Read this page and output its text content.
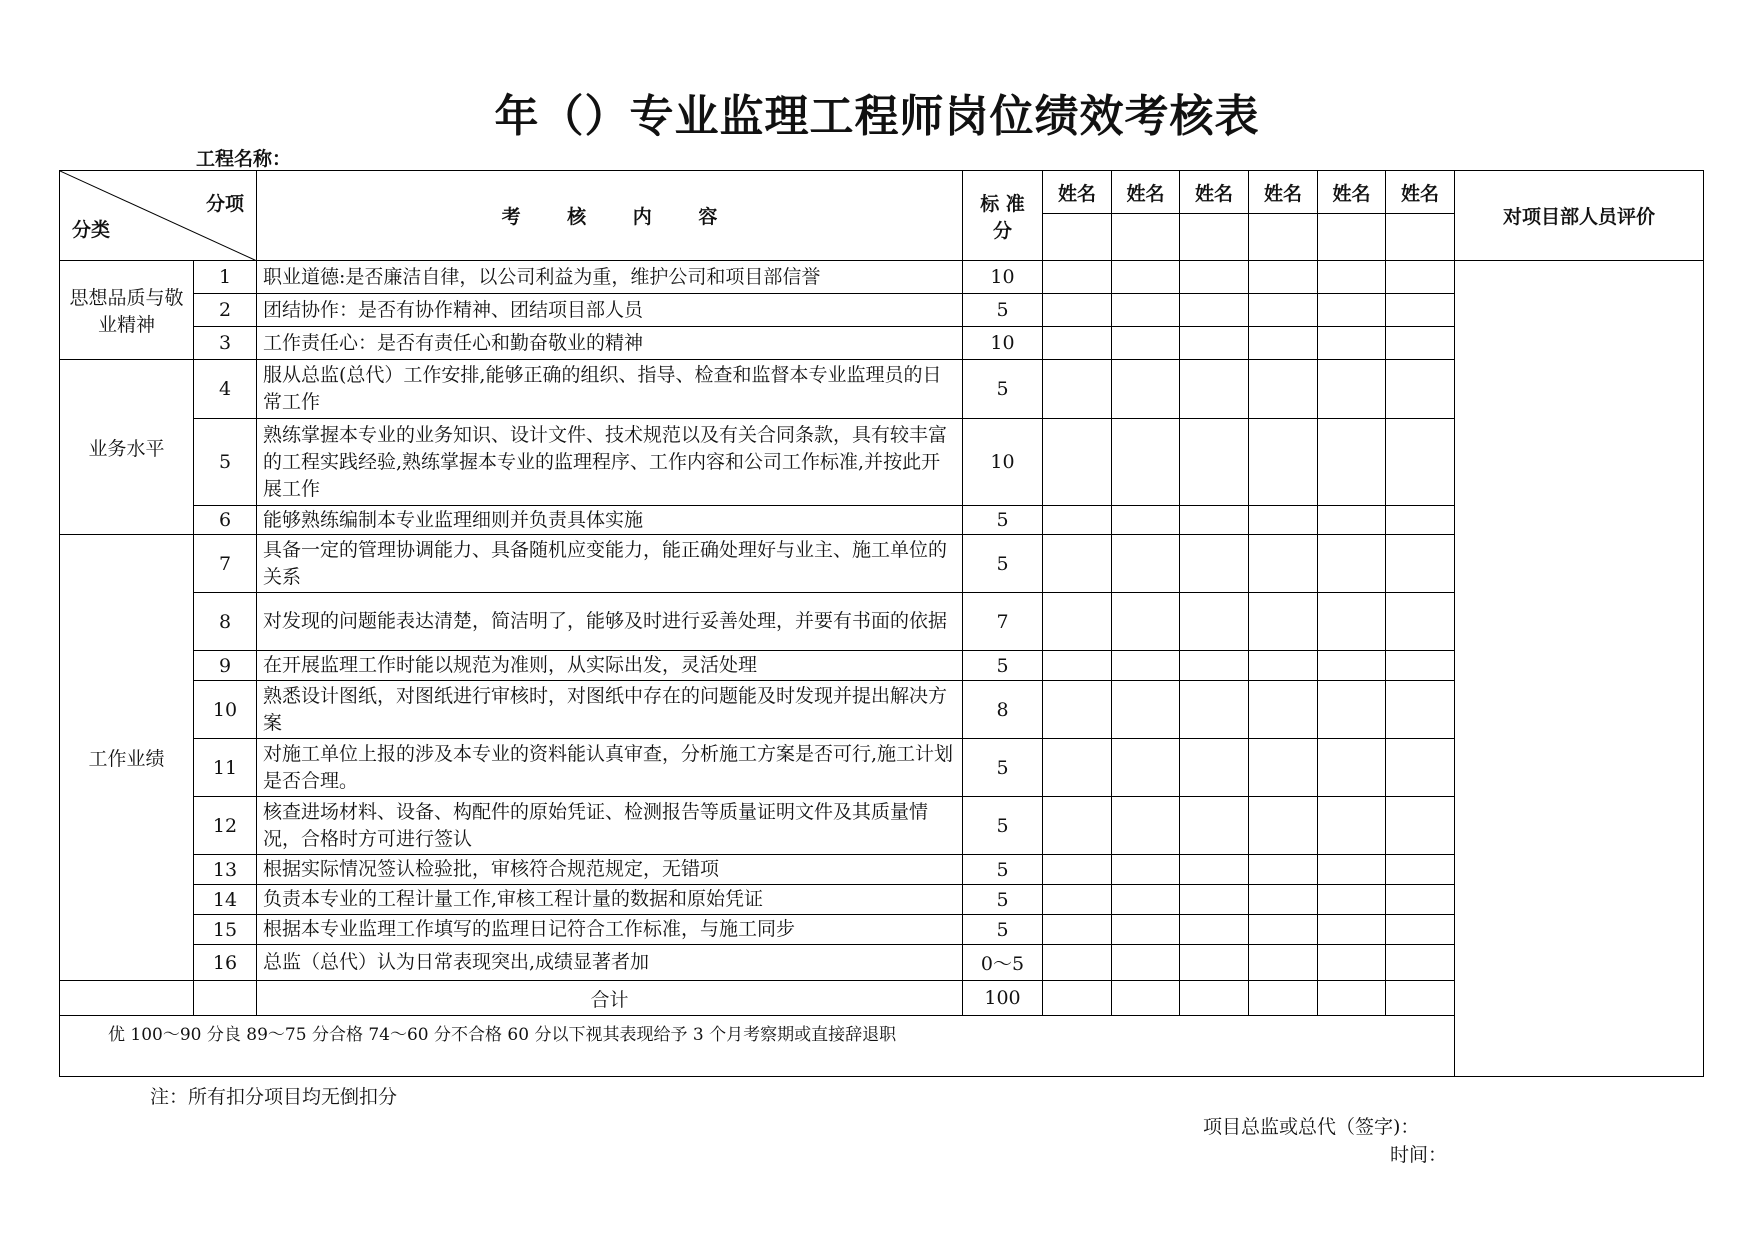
年（）专业监理工程师岗位绩效考核表
工程名称：
分项
分类		考 核 内 容	标 准 分	姓名	姓名	姓名	姓名	姓名	姓名	对项目部人员评价

思想品质与敬业精神	1	职业道德:是否廉洁自律，以公司利益为重，维护公司和项目部信誉	10							
	2	团结协作：是否有协作精神、团结项目部人员	5							
	3	工作责任心：是否有责任心和勤奋敬业的精神	10							
业务水平	4	服从总监(总代）工作安排,能够正确的组织、指导、检查和监督本专业监理员的日常工作	5							
	5	熟练掌握本专业的业务知识、设计文件、技术规范以及有关合同条款，具有较丰富的工程实践经验,熟练掌握本专业的监理程序、工作内容和公司工作标准,并按此开展工作	10							
	6	能够熟练编制本专业监理细则并负责具体实施	5							
工作业绩	7	具备一定的管理协调能力、具备随机应变能力，能正确处理好与业主、施工单位的关系	5							
	8	对发现的问题能表达清楚，简洁明了，能够及时进行妥善处理，并要有书面的依据	7							
	9	在开展监理工作时能以规范为准则，从实际出发，灵活处理	5							
	10	熟悉设计图纸，对图纸进行审核时，对图纸中存在的问题能及时发现并提出解决方案	8							
	11	对施工单位上报的涉及本专业的资料能认真审查，分析施工方案是否可行,施工计划是否合理。	5							
	12	核查进场材料、设备、构配件的原始凭证、检测报告等质量证明文件及其质量情况，合格时方可进行签认	5							
	13	根据实际情况签认检验批，审核符合规范规定，无错项	5							
	14	负责本专业的工程计量工作,审核工程计量的数据和原始凭证	5							
	15	根据本专业监理工作填写的监理日记符合工作标准，与施工同步	5							
	16	总监（总代）认为日常表现突出,成绩显著者加	0～5							
		合计	100							
优 100～90 分良 89～75 分合格 74～60 分不合格 60 分以下视其表现给予 3 个月考察期或直接辞退职										
注：所有扣分项目均无倒扣分
项目总监或总代（签字)：
时间：
